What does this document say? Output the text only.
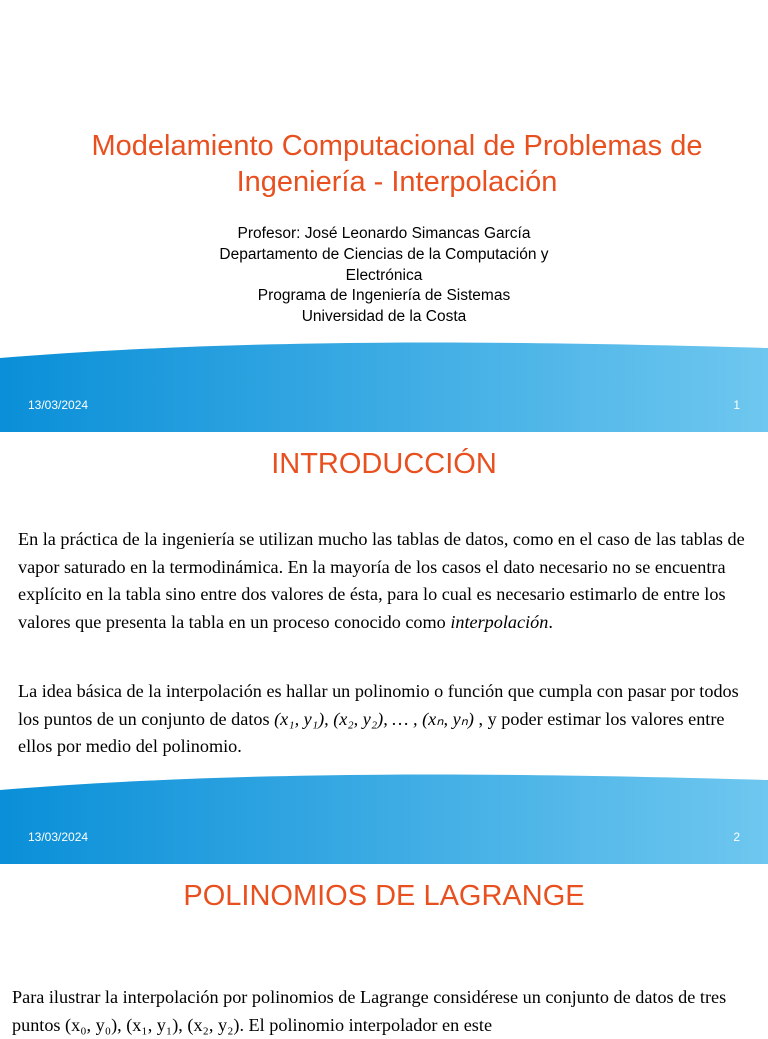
Modelamiento Computacional de Problemas de Ingeniería - Interpolación
Profesor: José Leonardo Simancas García
Departamento de Ciencias de la Computación y Electrónica
Programa de Ingeniería de Sistemas
Universidad de la Costa
13/03/2024	1
INTRODUCCIÓN
En la práctica de la ingeniería se utilizan mucho las tablas de datos, como en el caso de las tablas de vapor saturado en la termodinámica. En la mayoría de los casos el dato necesario no se encuentra explícito en la tabla sino entre dos valores de ésta, para lo cual es necesario estimarlo de entre los valores que presenta la tabla en un proceso conocido como interpolación.
La idea básica de la interpolación es hallar un polinomio o función que cumpla con pasar por todos los puntos de un conjunto de datos (x₁, y₁), (x₂, y₂), … , (xₙ, yₙ) , y poder estimar los valores entre ellos por medio del polinomio.
13/03/2024	2
POLINOMIOS DE LAGRANGE
Para ilustrar la interpolación por polinomios de Lagrange considérese un conjunto de datos de tres puntos (x₀, y₀), (x₁, y₁), (x₂, y₂). El polinomio interpolador en este
